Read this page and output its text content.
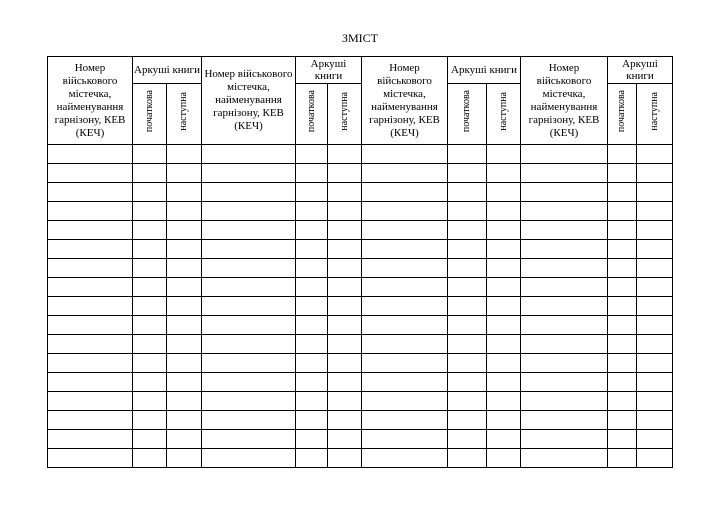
ЗМІСТ
Номер військового містечка, найменування гарнізону, КЕВ (КЕЧ)	Аркуші книги		Номер військового містечка, найменування гарнізону, КЕВ (КЕЧ)	Аркуші книги		Номер військового містечка, найменування гарнізону, КЕВ (КЕЧ)	Аркуші книги		Номер військового містечка, найменування гарнізону, КЕВ (КЕЧ)	Аркуші книги	
	початкова	наступна		початкова	наступна		початкова	наступна		початкова	наступна
